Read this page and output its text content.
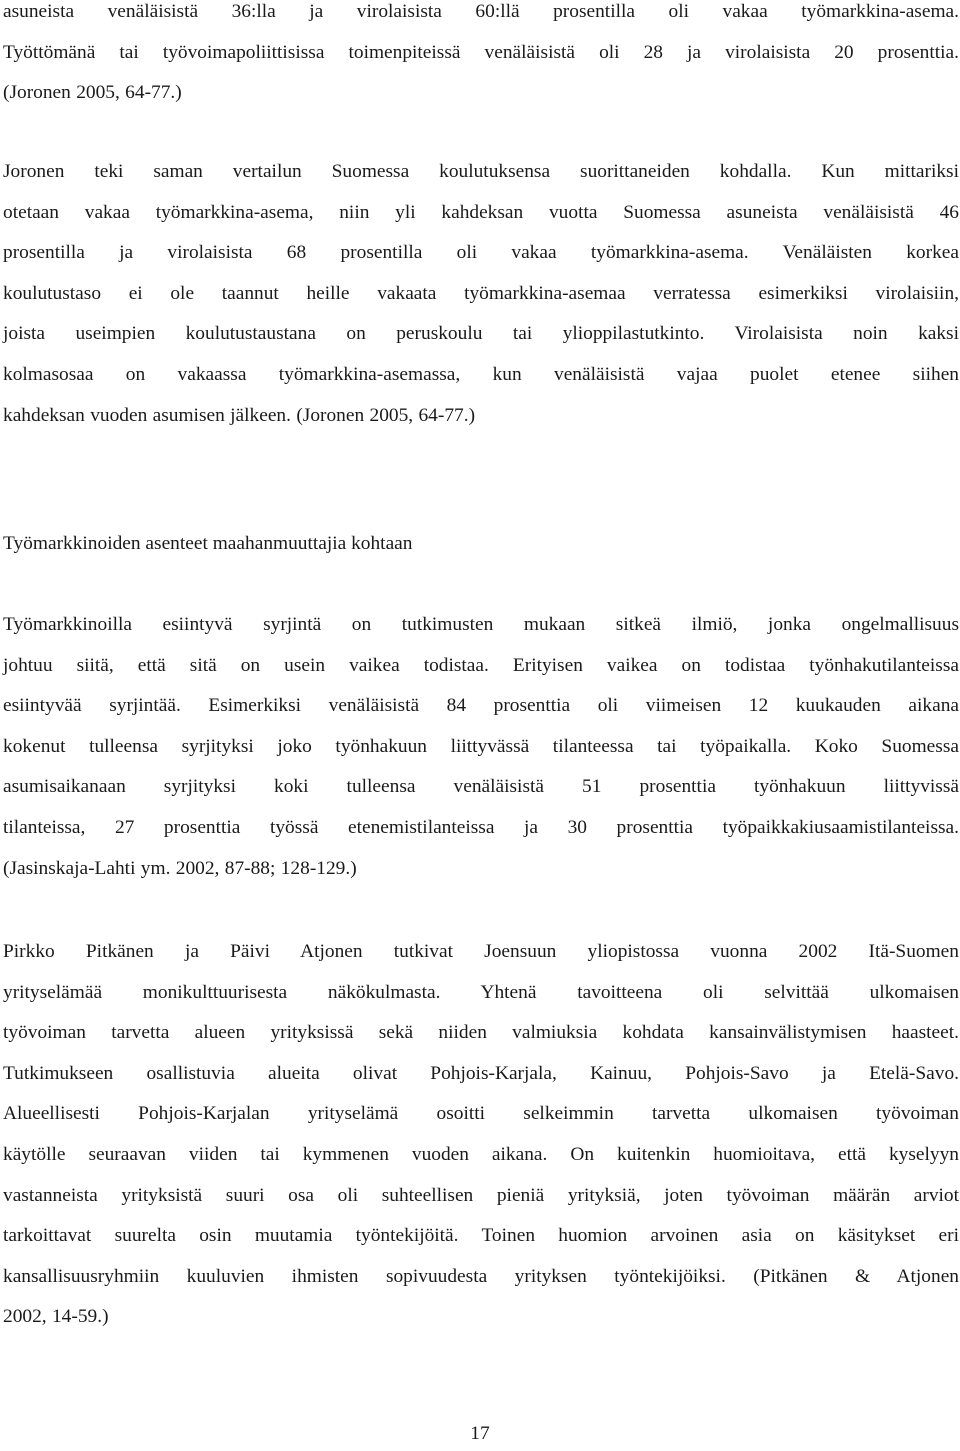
asuneista venäläisistä 36:lla ja virolaisista 60:llä prosentilla oli vakaa työmarkkina-asema.
Työttömänä tai työvoimapoliittisissa toimenpiteissä venäläisistä oli 28 ja virolaisista 20 prosenttia.
(Joronen 2005, 64-77.)

Joronen teki saman vertailun Suomessa koulutuksensa suorittaneiden kohdalla. Kun mittariksi
otetaan vakaa työmarkkina-asema, niin yli kahdeksan vuotta Suomessa asuneista venäläisistä 46
prosentilla ja virolaisista 68 prosentilla oli vakaa työmarkkina-asema. Venäläisten korkea
koulutustaso ei ole taannut heille vakaata työmarkkina-asemaa verratessa esimerkiksi virolaisiin,
joista useimpien koulutustaustana on peruskoulu tai ylioppilastutkinto. Virolaisista noin kaksi
kolmasosaa on vakaassa työmarkkina-asemassa, kun venäläisistä vajaa puolet etenee siihen
kahdeksan vuoden asumisen jälkeen. (Joronen 2005, 64-77.)

Työmarkkinoiden asenteet maahanmuuttajia kohtaan

Työmarkkinoilla esiintyvä syrjintä on tutkimusten mukaan sitkeä ilmiö, jonka ongelmallisuus
johtuu siitä, että sitä on usein vaikea todistaa. Erityisen vaikea on todistaa työnhakutilanteissa
esiintyvää syrjintää. Esimerkiksi venäläisistä 84 prosenttia oli viimeisen 12 kuukauden aikana
kokenut tulleensa syrjityksi joko työnhakuun liittyvässä tilanteessa tai työpaikalla. Koko Suomessa
asumisaikanaan syrjityksi koki tulleensa venäläisistä 51 prosenttia työnhakuun liittyvissä
tilanteissa, 27 prosenttia työssä etenemistilanteissa ja 30 prosenttia työpaikkakiusaamistilanteissa.
(Jasinskaja-Lahti ym. 2002, 87-88; 128-129.)

Pirkko Pitkänen ja Päivi Atjonen tutkivat Joensuun yliopistossa vuonna 2002 Itä-Suomen
yrityselämää monikulttuurisesta näkökulmasta. Yhtenä tavoitteena oli selvittää ulkomaisen
työvoiman tarvetta alueen yrityksissä sekä niiden valmiuksia kohdata kansainvälistymisen haasteet.
Tutkimukseen osallistuvia alueita olivat Pohjois-Karjala, Kainuu, Pohjois-Savo ja Etelä-Savo.
Alueellisesti Pohjois-Karjalan yrityselämä osoitti selkeimmin tarvetta ulkomaisen työvoiman
käytölle seuraavan viiden tai kymmenen vuoden aikana. On kuitenkin huomioitava, että kyselyyn
vastanneista yrityksistä suuri osa oli suhteellisen pieniä yrityksiä, joten työvoiman määrän arviot
tarkoittavat suurelta osin muutamia työntekijöitä. Toinen huomion arvoinen asia on käsitykset eri
kansallisuusryhmiin kuuluvien ihmisten sopivuudesta yrityksen työntekijöiksi. (Pitkänen & Atjonen
2002, 14-59.)

17
